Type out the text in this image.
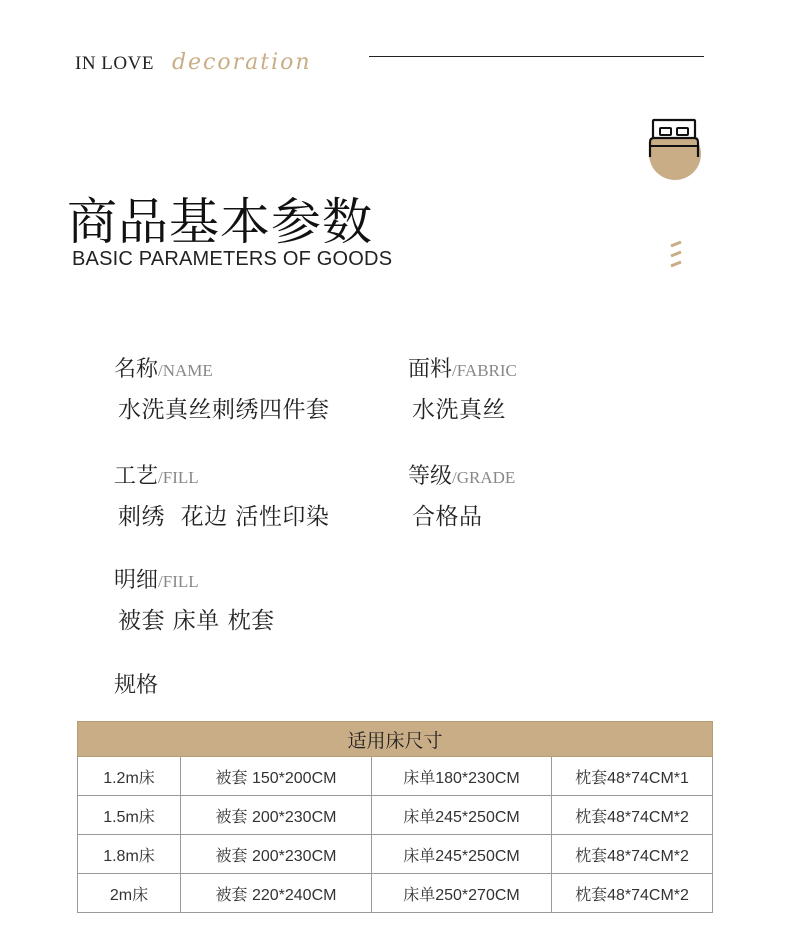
IN LOVE decoration
商品基本参数
BASIC PARAMETERS OF GOODS
名称/NAME
水洗真丝刺绣四件套
面料/FABRIC
水洗真丝
工艺/FILL
刺绣  花边 活性印染
等级/GRADE
合格品
明细/FILL
被套 床单 枕套
规格
适用床尺寸			
1.2m床	被套 150*200CM	床单180*230CM	枕套48*74CM*1
1.5m床	被套 200*230CM	床单245*250CM	枕套48*74CM*2
1.8m床	被套 200*230CM	床单245*250CM	枕套48*74CM*2
2m床	被套 220*240CM	床单250*270CM	枕套48*74CM*2
